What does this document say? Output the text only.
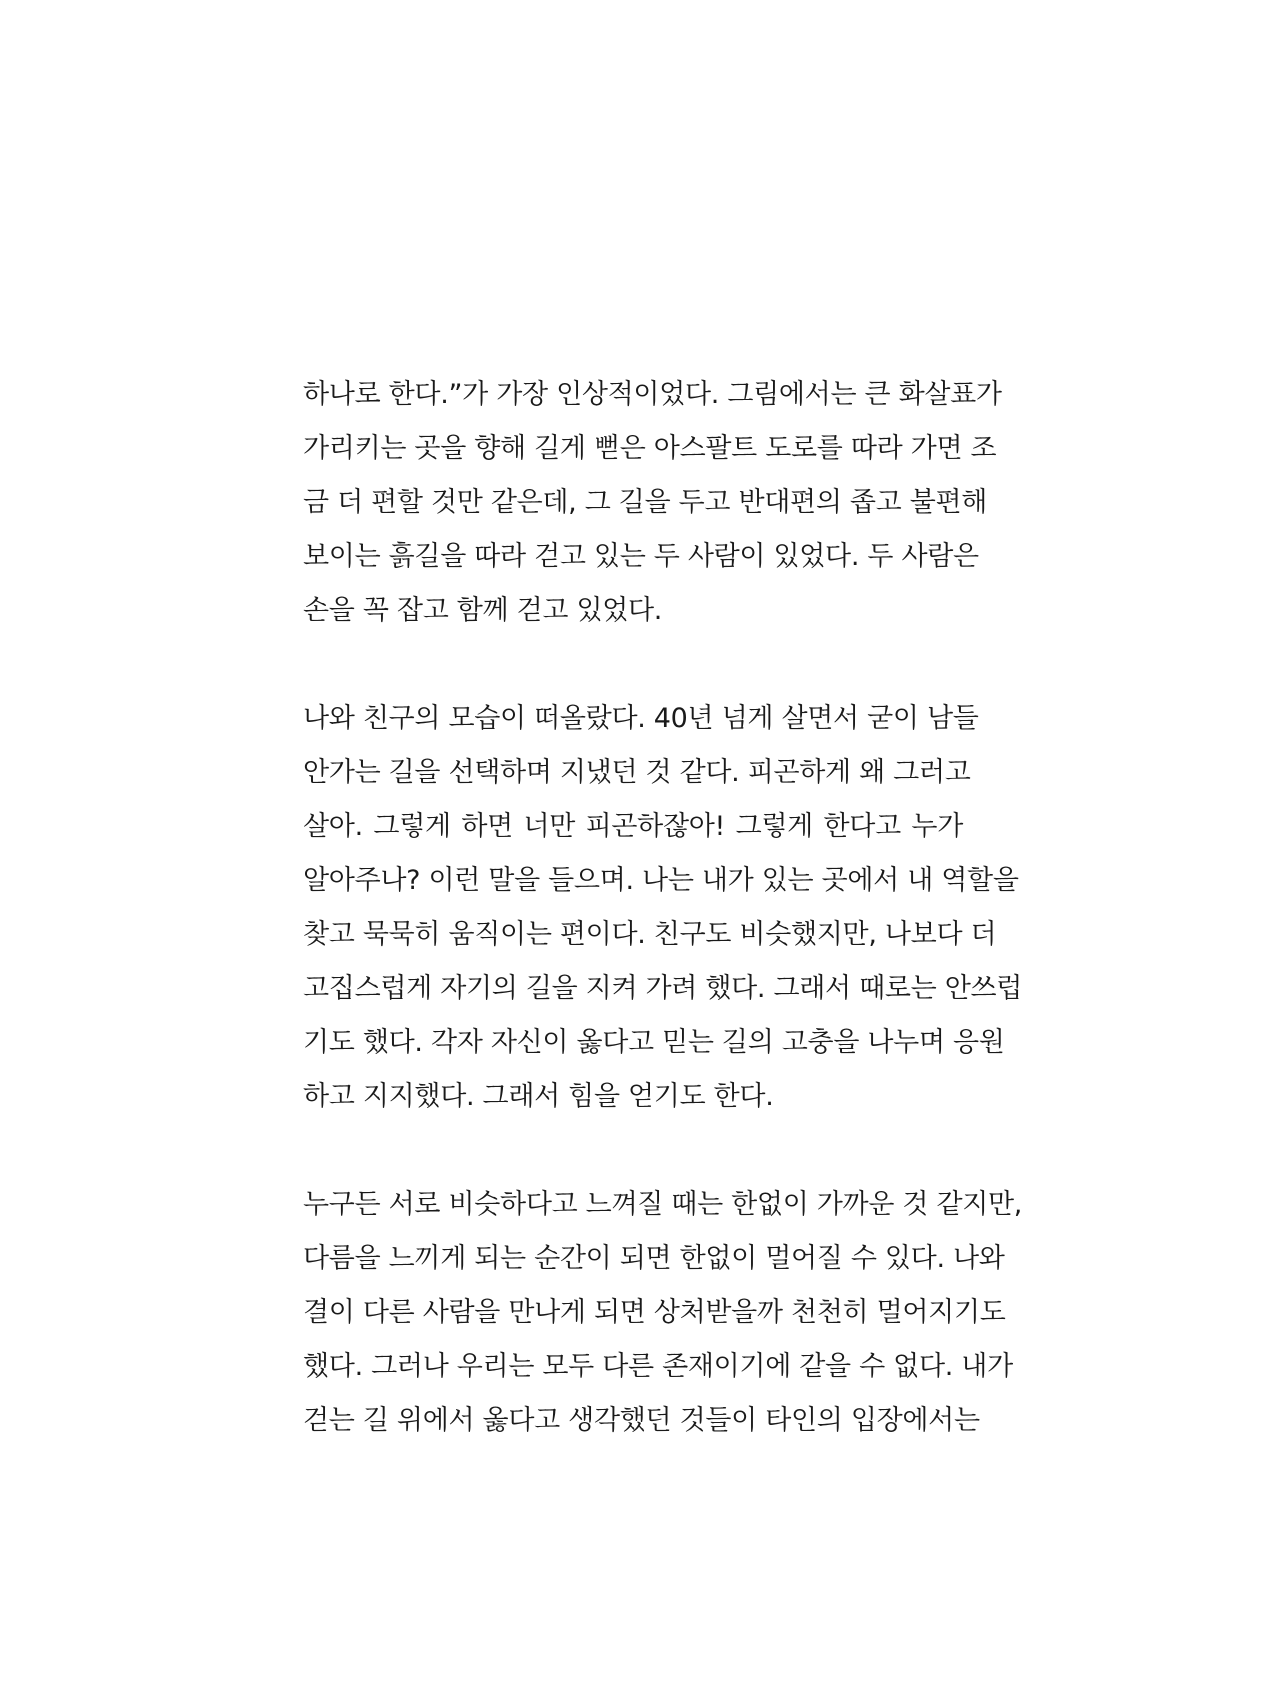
하나로 한다.”가 가장 인상적이었다. 그림에서는 큰 화살표가
가리키는 곳을 향해 길게 뻗은 아스팔트 도로를 따라 가면 조
금 더 편할 것만 같은데, 그 길을 두고 반대편의 좁고 불편해
보이는 흙길을 따라 걷고 있는 두 사람이 있었다. 두 사람은
손을 꼭 잡고 함께 걷고 있었다.
나와 친구의 모습이 떠올랐다. 40년 넘게 살면서 굳이 남들
안가는 길을 선택하며 지냈던 것 같다. 피곤하게 왜 그러고
살아. 그렇게 하면 너만 피곤하잖아! 그렇게 한다고 누가
알아주나? 이런 말을 들으며. 나는 내가 있는 곳에서 내 역할을
찾고 묵묵히 움직이는 편이다. 친구도 비슷했지만, 나보다 더
고집스럽게 자기의 길을 지켜 가려 했다. 그래서 때로는 안쓰럽
기도 했다. 각자 자신이 옳다고 믿는 길의 고충을 나누며 응원
하고 지지했다. 그래서 힘을 얻기도 한다.
누구든 서로 비슷하다고 느껴질 때는 한없이 가까운 것 같지만,
다름을 느끼게 되는 순간이 되면 한없이 멀어질 수 있다. 나와
결이 다른 사람을 만나게 되면 상처받을까 천천히 멀어지기도
했다. 그러나 우리는 모두 다른 존재이기에 같을 수 없다. 내가
걷는 길 위에서 옳다고 생각했던 것들이 타인의 입장에서는
